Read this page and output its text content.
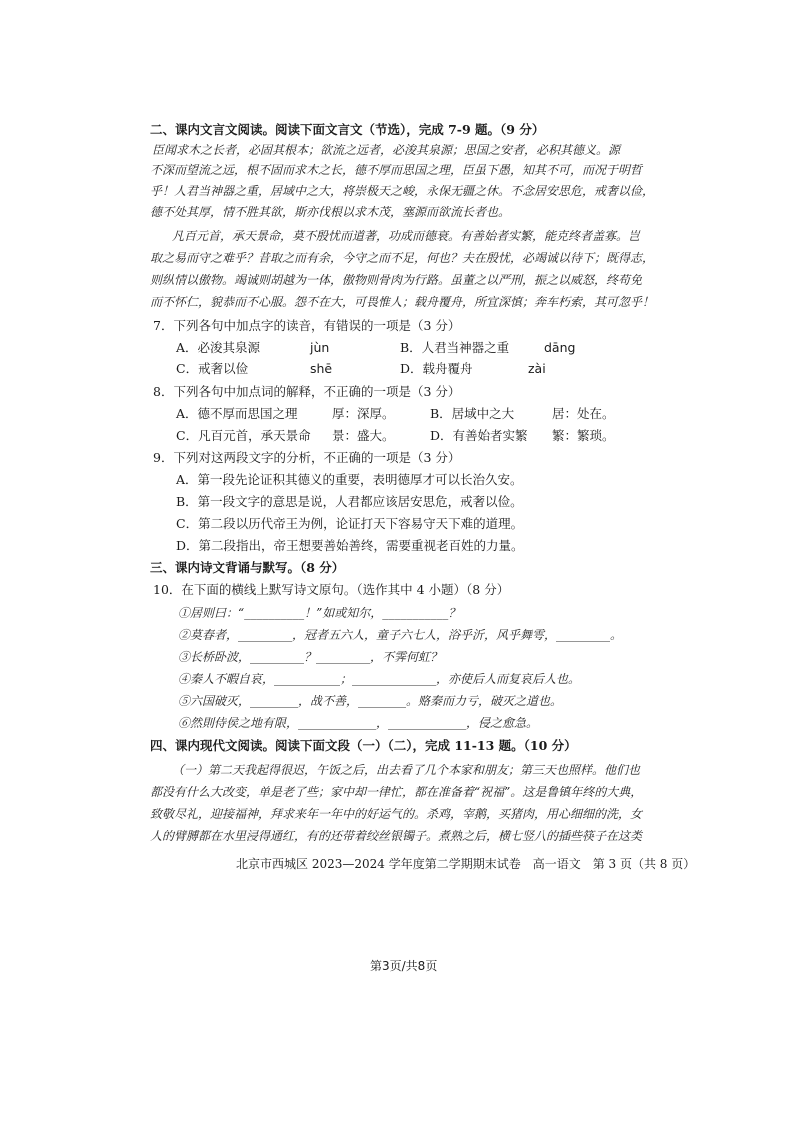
二、课内文言文阅读。阅读下面文言文（节选），完成 7-9 题。（9 分）
臣闻求木之长者，必固其根本；欲流之远者，必浚其泉源；思国之安者，必积其德义。源
不深而望流之远，根不固而求木之长，德不厚而思国之理，臣虽下愚，知其不可，而况于明哲
乎！人君当神器之重，居域中之大，将崇极天之峻，永保无疆之休。不念居安思危，戒奢以俭，
德不处其厚，情不胜其欲，斯亦伐根以求木茂，塞源而欲流长者也。
凡百元首，承天景命，莫不殷忧而道著，功成而德衰。有善始者实繁，能克终者盖寡。岂
取之易而守之难乎？昔取之而有余，今守之而不足，何也？夫在殷忧，必竭诚以待下；既得志，
则纵情以傲物。竭诚则胡越为一体，傲物则骨肉为行路。虽董之以严刑，振之以威怒，终苟免
而不怀仁，貌恭而不心服。怨不在大，可畏惟人；载舟覆舟，所宜深慎；奔车朽索，其可忽乎！
7．下列各句中加点字的读音，有错误的一项是（3 分）
A．必浚其泉源	jùn	B．人君当神器之重	dāng
C．戒奢以俭	shē	D．载舟覆舟	zài
8．下列各句中加点词的解释，不正确的一项是（3 分）
A．德不厚而思国之理	厚：深厚。	B．居域中之大	居：处在。
C．凡百元首，承天景命 景：盛大。	D．有善始者实繁 繁：繁琐。
9．下列对这两段文字的分析，不正确的一项是（3 分）
A．第一段先论证积其德义的重要，表明德厚才可以长治久安。
B．第一段文字的意思是说，人君都应该居安思危，戒奢以俭。
C．第二段以历代帝王为例，论证打天下容易守天下难的道理。
D．第二段指出，帝王想要善始善终，需要重视老百姓的力量。
三、课内诗文背诵与默写。（8 分）
10．在下面的横线上默写诗文原句。（选作其中 4 小题）（8 分）
①居则曰：“__________！”如或知尔，___________？
②莫春者，_________，冠者五六人，童子六七人，浴乎沂，风乎舞雩，_________。
③长桥卧波，_________？_________，不霁何虹？
④秦人不暇自哀，___________；______________，亦使后人而复哀后人也。
⑤六国破灭，________，战不善，________。赂秦而力亏，破灭之道也。
⑥然則侍侯之地有限，_____________，_____________，侵之愈急。
四、课内现代文阅读。阅读下面文段（一）（二），完成 11-13 题。（10 分）
（一）第二天我起得很迟，午饭之后，出去看了几个本家和朋友；第三天也照样。他们也
都没有什么大改变，单是老了些；家中却一律忙，都在准备着“祝福”。这是鲁镇年终的大典，
致敬尽礼，迎接福神，拜求来年一年中的好运气的。杀鸡，宰鹅，买猪肉，用心细细的洗，女
人的臂膊都在水里浸得通红，有的还带着绞丝银镯子。煮熟之后，横七竖八的插些筷子在这类
北京市西城区 2023—2024 学年度第二学期期末试卷　高一语文　第 3 页（共 8 页）
第3页/共8页
